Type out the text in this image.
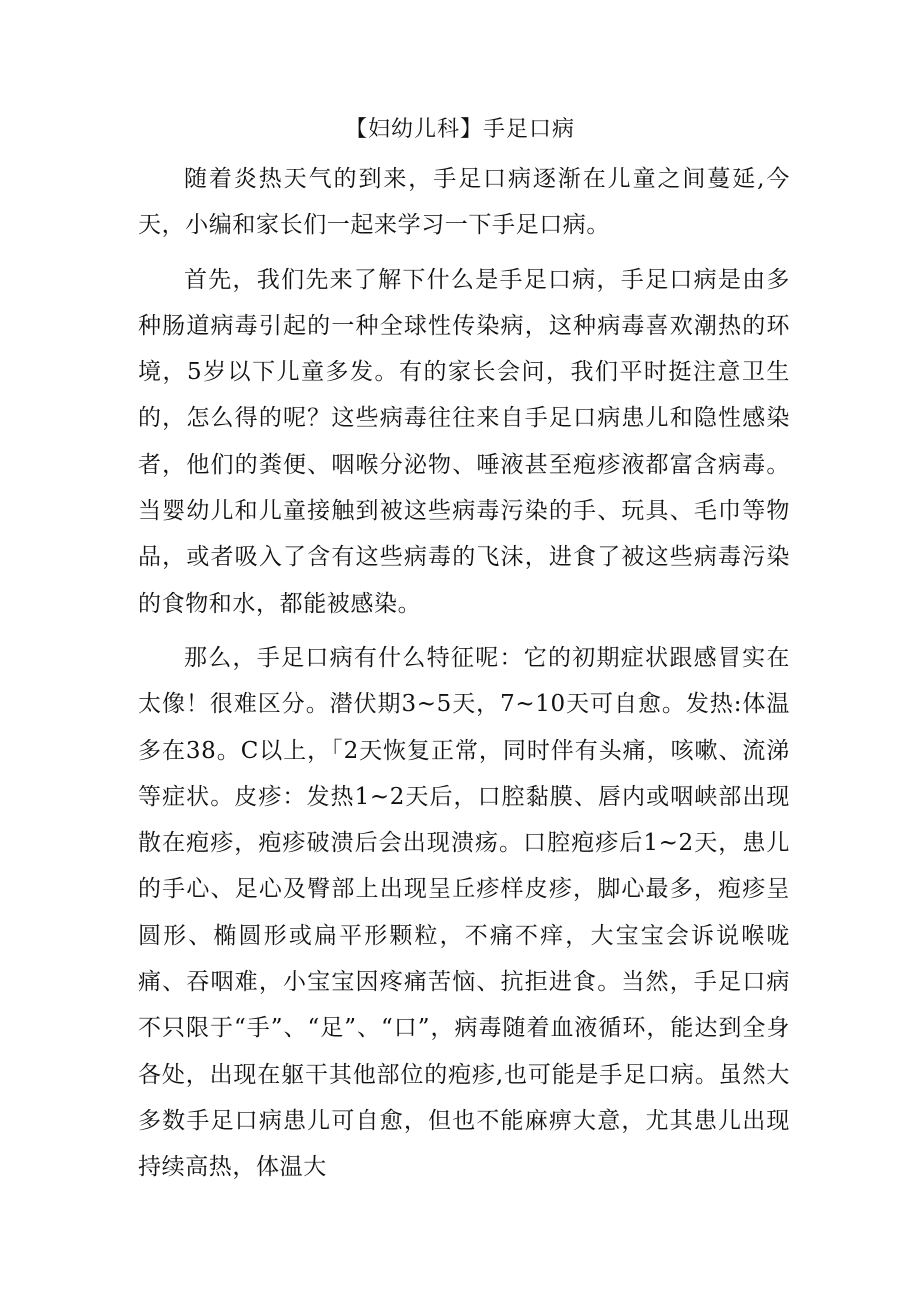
【妇幼儿科】手足口病

随着炎热天气的到来，手足口病逐渐在儿童之间蔓延,今天，小编和家长们一起来学习一下手足口病。

首先，我们先来了解下什么是手足口病，手足口病是由多种肠道病毒引起的一种全球性传染病，这种病毒喜欢潮热的环境，5岁以下儿童多发。有的家长会问，我们平时挺注意卫生的，怎么得的呢？这些病毒往往来自手足口病患儿和隐性感染者，他们的粪便、咽喉分泌物、唾液甚至疱疹液都富含病毒。当婴幼儿和儿童接触到被这些病毒污染的手、玩具、毛巾等物品，或者吸入了含有这些病毒的飞沫，进食了被这些病毒污染的食物和水，都能被感染。

那么，手足口病有什么特征呢：它的初期症状跟感冒实在太像！很难区分。潜伏期3~5天，7~10天可自愈。发热:体温多在38。C以上，「2天恢复正常，同时伴有头痛，咳嗽、流涕等症状。皮疹：发热1~2天后，口腔黏膜、唇内或咽峡部出现散在疱疹，疱疹破溃后会出现溃疡。口腔疱疹后1~2天，患儿的手心、足心及臀部上出现呈丘疹样皮疹，脚心最多，疱疹呈圆形、椭圆形或扁平形颗粒，不痛不痒，大宝宝会诉说喉咙痛、吞咽难，小宝宝因疼痛苦恼、抗拒进食。当然，手足口病不只限于“手”、“足”、“口”，病毒随着血液循环，能达到全身各处，出现在躯干其他部位的疱疹,也可能是手足口病。虽然大多数手足口病患儿可自愈，但也不能麻痹大意，尤其患儿出现持续高热，体温大
